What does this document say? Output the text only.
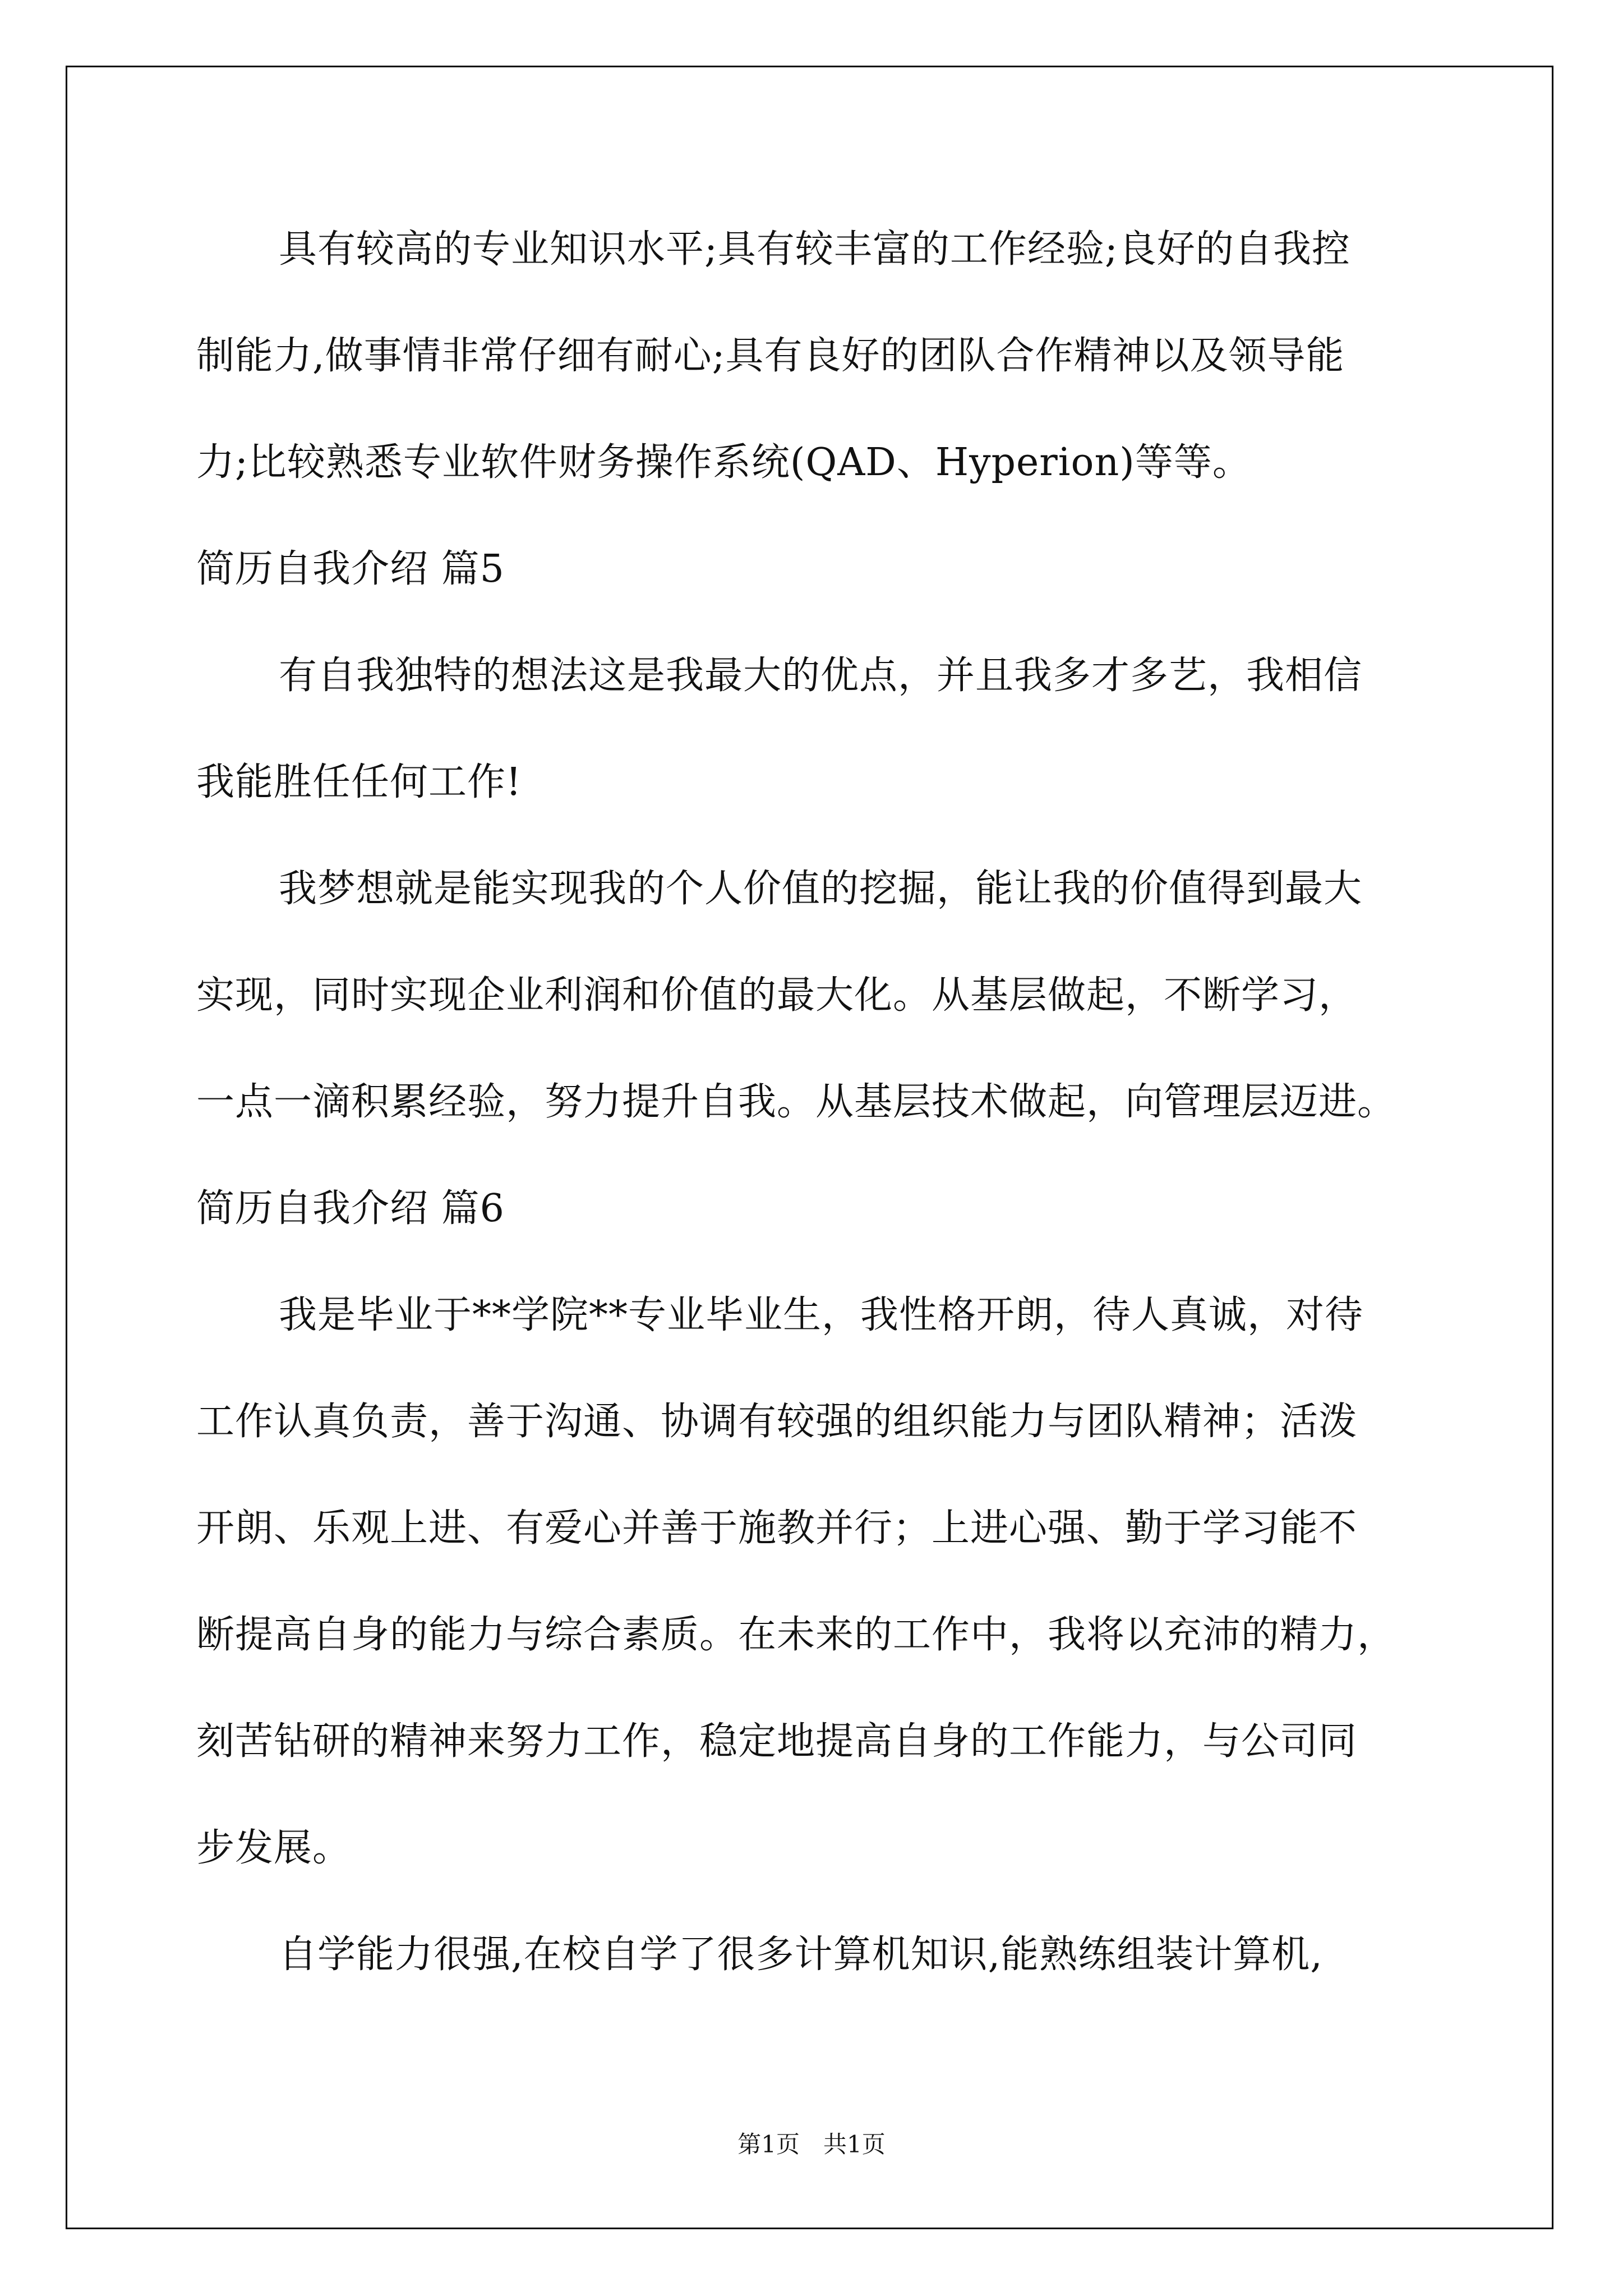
具有较高的专业知识水平;具有较丰富的工作经验;良好的自我控
制能力,做事情非常仔细有耐心;具有良好的团队合作精神以及领导能
力;比较熟悉专业软件财务操作系统(QAD、Hyperion)等等。
简历自我介绍 篇5
有自我独特的想法这是我最大的优点，并且我多才多艺，我相信
我能胜任任何工作!
我梦想就是能实现我的个人价值的挖掘，能让我的价值得到最大
实现，同时实现企业利润和价值的最大化。从基层做起，不断学习，
一点一滴积累经验，努力提升自我。从基层技术做起，向管理层迈进。
简历自我介绍 篇6
我是毕业于**学院**专业毕业生，我性格开朗，待人真诚，对待
工作认真负责，善于沟通、协调有较强的组织能力与团队精神；活泼
开朗、乐观上进、有爱心并善于施教并行；上进心强、勤于学习能不
断提高自身的能力与综合素质。在未来的工作中，我将以充沛的精力，
刻苦钻研的精神来努力工作，稳定地提高自身的工作能力，与公司同
步发展。
自学能力很强,在校自学了很多计算机知识,能熟练组装计算机,
第1页　共1页
